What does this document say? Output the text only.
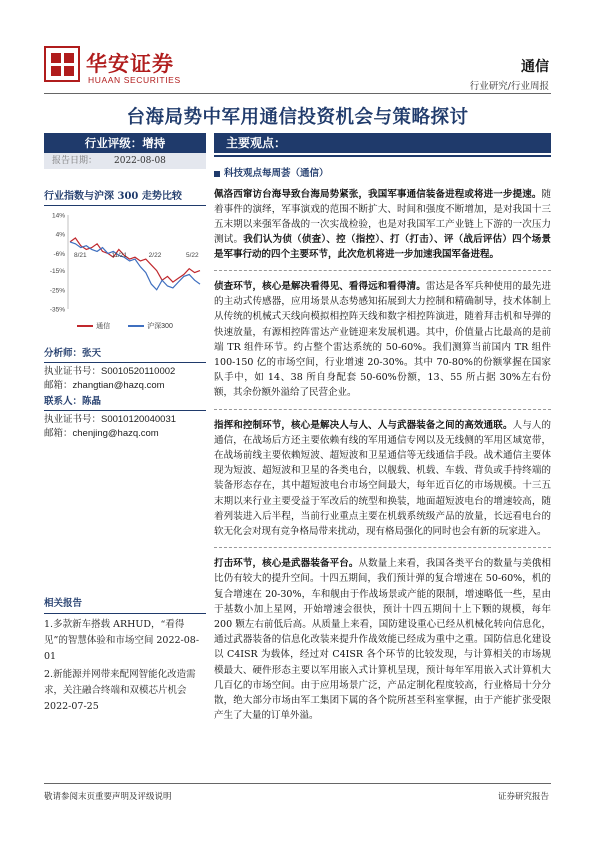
华安证券
HUAAN SECURITIES
通信
行业研究/行业周报
台海局势中军用通信投资机会与策略探讨
行业评级：增持
报告日期：	2022-08-08
行业指数与沪深 300 走势比较
14%
4%
-6%
-15%
-25%
-35%
8/21	11/21	2/22	5/22
通信	沪深300
分析师：张天
执业证书号：S0010520110002
邮箱：zhangtian@hazq.com
联系人：陈晶
执业证书号：S0010120040031
邮箱：chenjing@hazq.com
相关报告
1.多款新车搭载 ARHUD，“看得见”的智慧体验和市场空间 2022-08-01
2.新能源并网带来配网智能化改造需求，关注融合终端和双模芯片机会 2022-07-25
主要观点：
科技观点每周荟（通信）
佩洛西窜访台海导致台海局势紧张，我国军事通信装备进程或将进一步提速。随着事件的演绎，军事演戏的范围不断扩大、时间和强度不断增加，是对我国十三五末期以来强军备战的一次实战检验，也是对我国军工产业链上下游的一次压力测试。我们认为侦（侦查）、控（指控）、打（打击）、评（战后评估）四个场景是军事行动的四个主要环节，此次危机将进一步加速我国军备进程。
侦查环节，核心是解决看得见、看得远和看得清。雷达是各军兵种使用的最先进的主动式传感器，应用场景从态势感知拓展到大力控制和精确制导，技术体制上从传统的机械式天线向模拟相控阵天线和数字相控阵演进，随着拜击机和导弹的快速放量，有源相控阵雷达产业链迎来发展机遇。其中，价值量占比最高的是前端 TR 组件环节。约占整个雷达系统的 50-60%。我们测算当前国内 TR 组件 100-150 亿的市场空间，行业增速 20-30%。其中 70-80%的份额掌握在国家队手中，如 14、38 所自身配套 50-60%份额，13、55 所占据 30%左右份额，其余份额外溢给了民营企业。
指挥和控制环节，核心是解决人与人、人与武器装备之间的高效通联。人与人的通信，在战场后方还主要依赖有线的军用通信专网以及无线侧的军用区域宽带，在战场前线主要依赖短波、超短波和卫星通信等无线通信手段。战术通信主要体现为短波、超短波和卫星的各类电台，以舰载、机载、车载、背负或手持终端的装备形态存在，其中超短波电台市场空间最大，每年近百亿的市场规模。十三五末期以来行业主要受益于军改后的统型和换装，地面超短波电台的增速较高，随着列装进入后半程，当前行业重点主要在机载系统级产品的放量，长远看电台的软无化会对现有竞争格局带来扰动，现有格局强化的同时也会有新的玩家进入。
打击环节，核心是武器装备平台。从数量上来看，我国各类平台的数量与美俄相比仍有较大的提升空间。十四五期间，我们预计弹的复合增速在 50-60%，机的复合增速在 20-30%，车和舰由于作战场景或产能的限制，增速略低一些，星由于基数小加上星网，开始增速会很快，预计十四五期间十上下颗的规模，每年 200 颗左右前低后高。从质量上来看，国防建设重心已经从机械化转向信息化，通过武器装备的信息化改装来提升作战效能已经成为重中之重。国防信息化建设以 C4ISR 为载体，经过对 C4ISR 各个环节的比较发现，与计算相关的市场规模最大、硬件形态主要以军用嵌入式计算机呈现，预计每年军用嵌入式计算机大几百亿的市场空间。由于应用场景广泛，产品定制化程度较高，行业格局十分分散，绝大部分市场由军工集团下属的各个院所甚至科室掌握，由于产能扩张受限产生了大量的订单外溢。
敬请参阅末页重要声明及评级说明	证券研究报告
